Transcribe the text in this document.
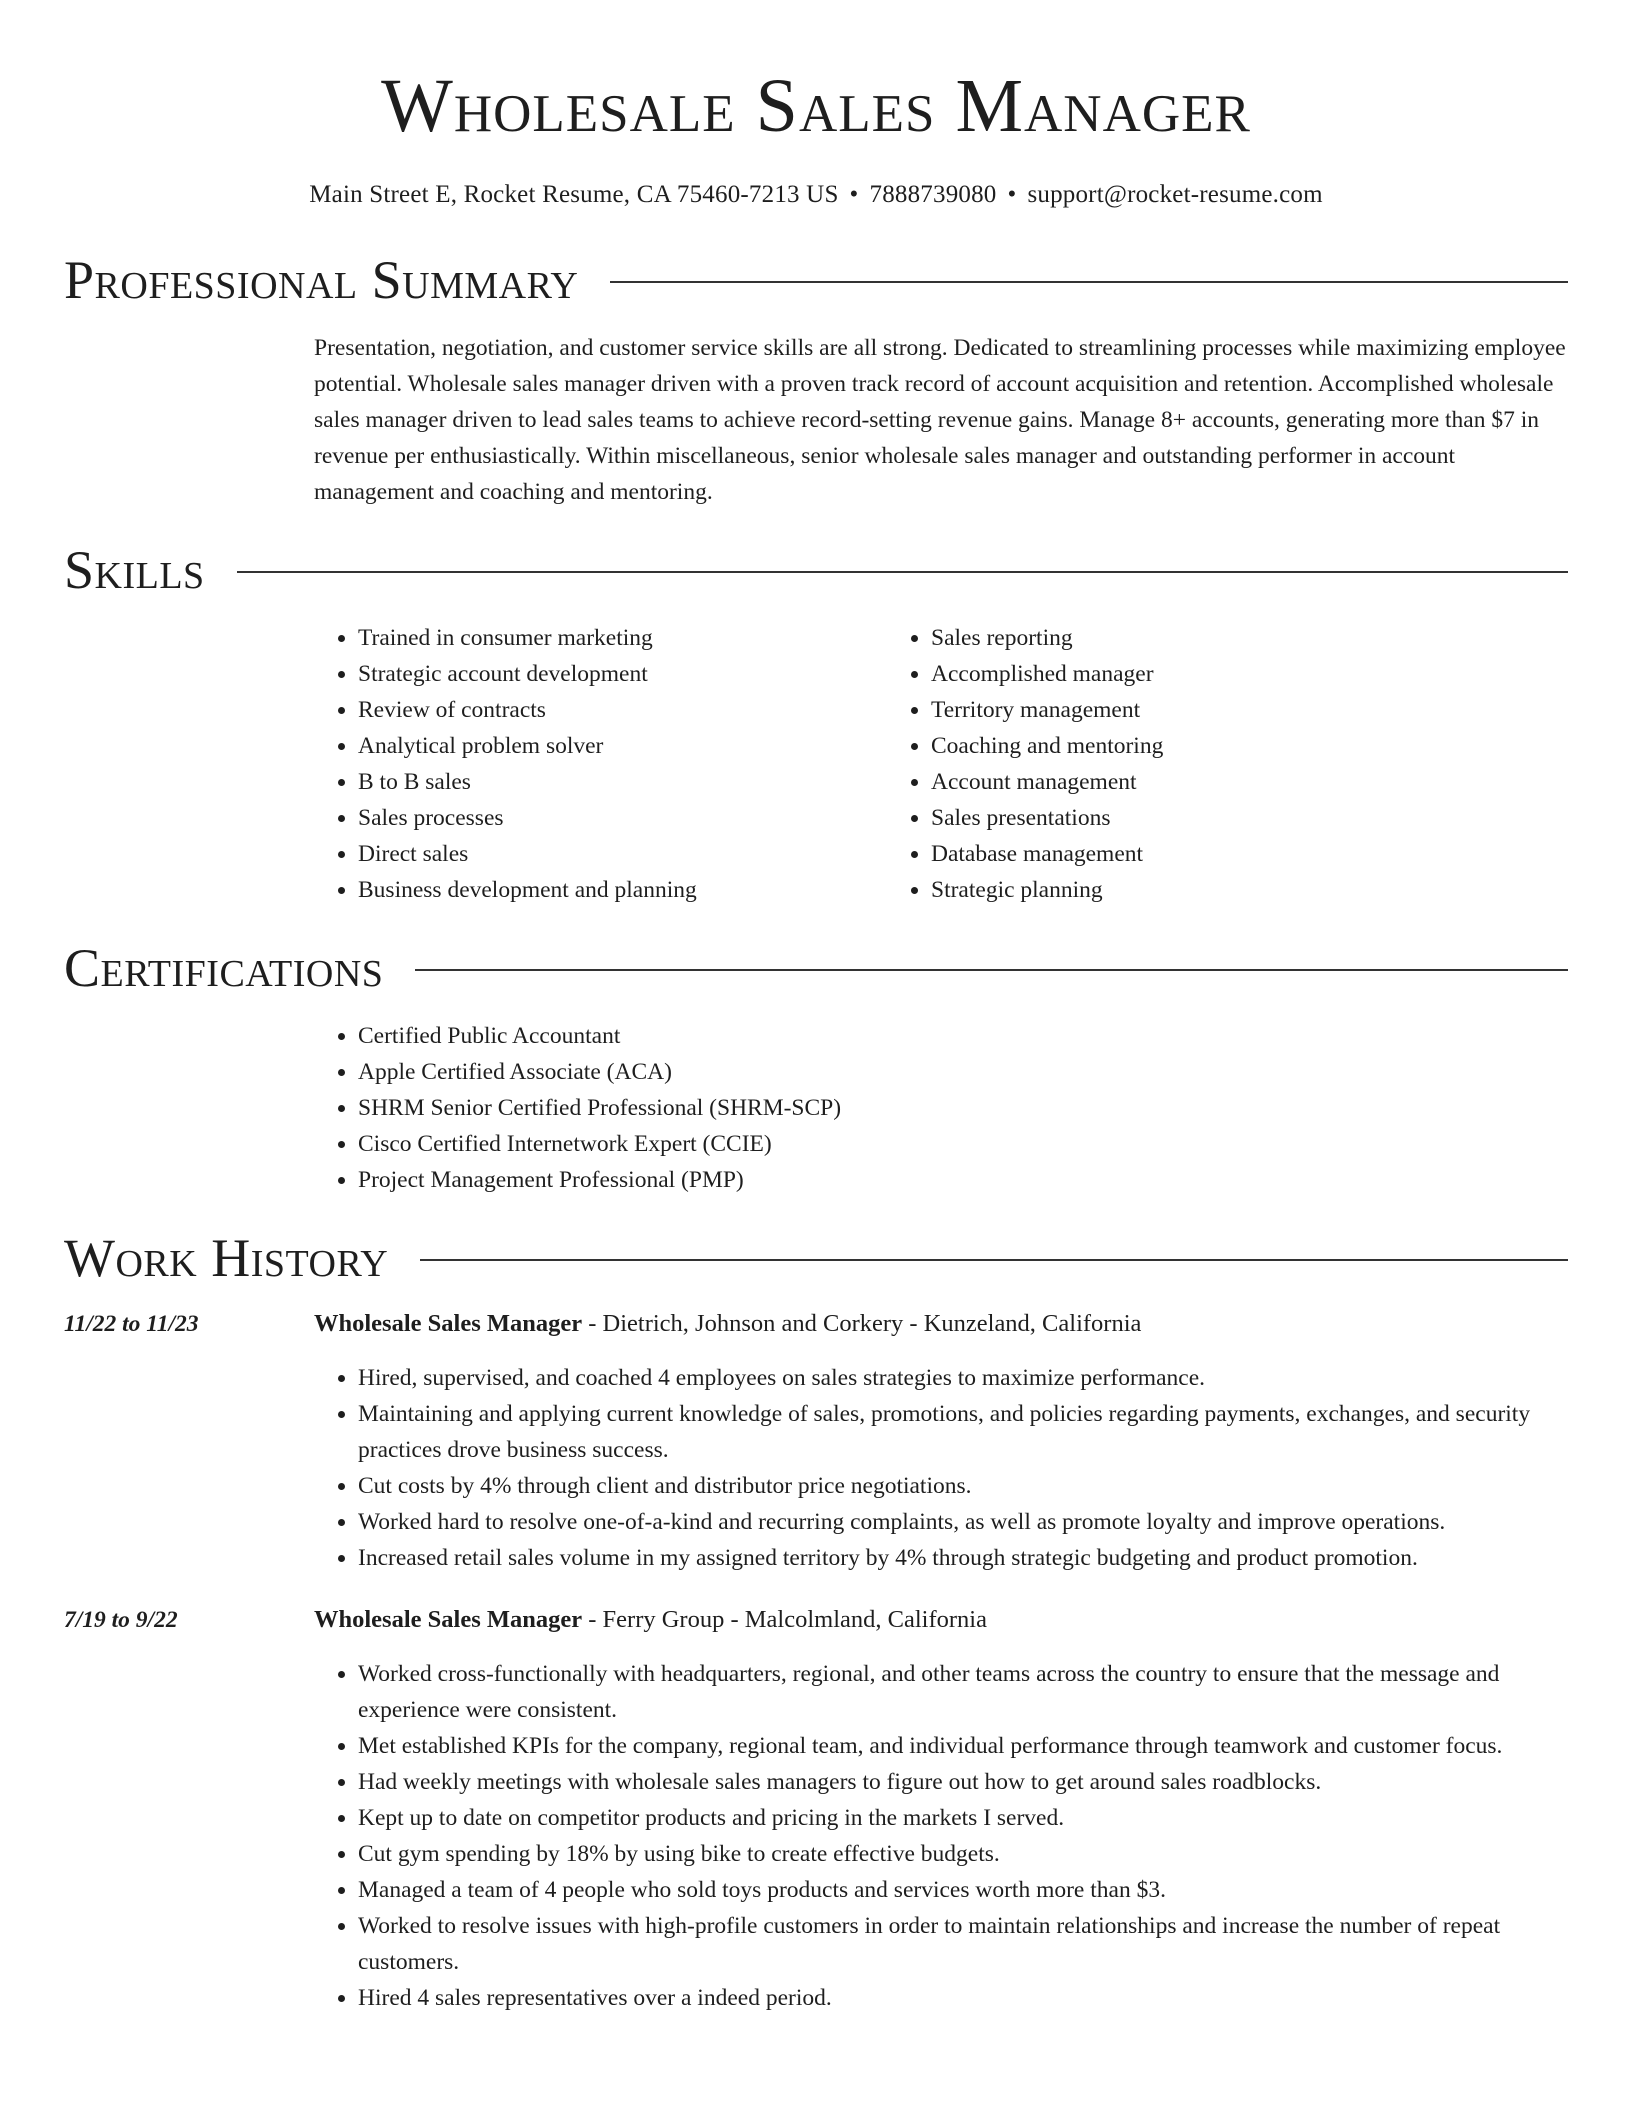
Wholesale Sales Manager
Main Street E, Rocket Resume, CA 75460-7213 US • 7888739080 • support@rocket-resume.com
Professional Summary

Presentation, negotiation, and customer service skills are all strong. Dedicated to streamlining processes while maximizing employee potential. Wholesale sales manager driven with a proven track record of account acquisition and retention. Accomplished wholesale sales manager driven to lead sales teams to achieve record-setting revenue gains. Manage 8+ accounts, generating more than $7 in revenue per enthusiastically. Within miscellaneous, senior wholesale sales manager and outstanding performer in account management and coaching and mentoring.

Skills
• Trained in consumer marketing
• Strategic account development
• Review of contracts
• Analytical problem solver
• B to B sales
• Sales processes
• Direct sales
• Business development and planning
• Sales reporting
• Accomplished manager
• Territory management
• Coaching and mentoring
• Account management
• Sales presentations
• Database management
• Strategic planning
Certifications
• Certified Public Accountant
• Apple Certified Associate (ACA)
• SHRM Senior Certified Professional (SHRM-SCP)
• Cisco Certified Internetwork Expert (CCIE)
• Project Management Professional (PMP)
Work History
11/22 to 11/23	Wholesale Sales Manager - Dietrich, Johnson and Corkery - Kunzeland, California
• Hired, supervised, and coached 4 employees on sales strategies to maximize performance.
• Maintaining and applying current knowledge of sales, promotions, and policies regarding payments, exchanges, and security practices drove business success.
• Cut costs by 4% through client and distributor price negotiations.
• Worked hard to resolve one-of-a-kind and recurring complaints, as well as promote loyalty and improve operations.
• Increased retail sales volume in my assigned territory by 4% through strategic budgeting and product promotion.
7/19 to 9/22	Wholesale Sales Manager - Ferry Group - Malcolmland, California
• Worked cross-functionally with headquarters, regional, and other teams across the country to ensure that the message and experience were consistent.
• Met established KPIs for the company, regional team, and individual performance through teamwork and customer focus.
• Had weekly meetings with wholesale sales managers to figure out how to get around sales roadblocks.
• Kept up to date on competitor products and pricing in the markets I served.
• Cut gym spending by 18% by using bike to create effective budgets.
• Managed a team of 4 people who sold toys products and services worth more than $3.
• Worked to resolve issues with high-profile customers in order to maintain relationships and increase the number of repeat customers.
• Hired 4 sales representatives over a indeed period.
